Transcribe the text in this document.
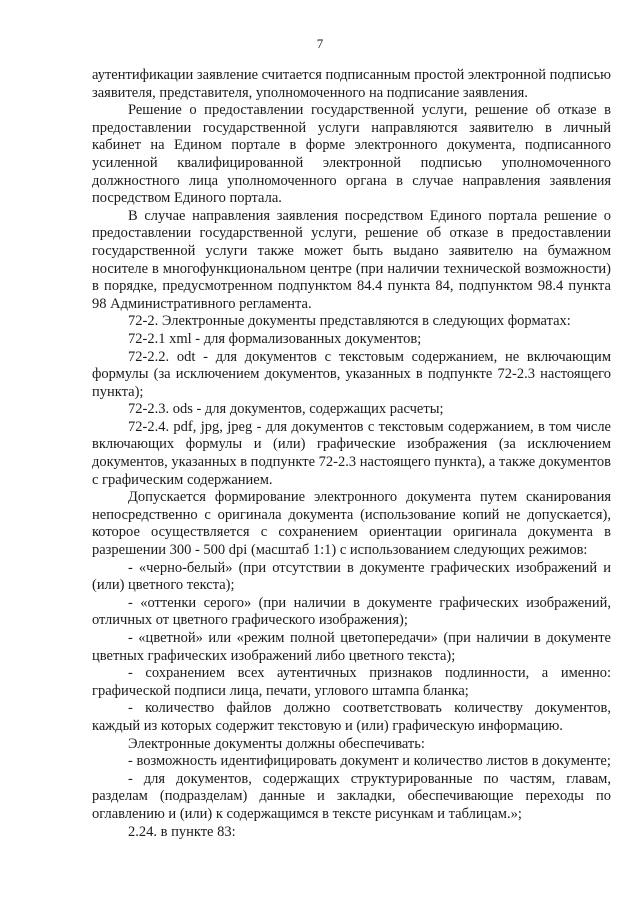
7

аутентификации заявление считается подписанным простой электронной подписью заявителя, представителя, уполномоченного на подписание заявления.

Решение о предоставлении государственной услуги, решение об отказе в предоставлении государственной услуги направляются заявителю в личный кабинет на Едином портале в форме электронного документа, подписанного усиленной квалифицированной электронной подписью уполномоченного должностного лица уполномоченного органа в случае направления заявления посредством Единого портала.

В случае направления заявления посредством Единого портала решение о предоставлении государственной услуги, решение об отказе в предоставлении государственной услуги также может быть выдано заявителю на бумажном носителе в многофункциональном центре (при наличии технической возможности) в порядке, предусмотренном подпунктом 84.4 пункта 84, подпунктом 98.4 пункта 98 Административного регламента.

72-2. Электронные документы представляются в следующих форматах:

72-2.1 xml - для формализованных документов;

72-2.2. odt - для документов с текстовым содержанием, не включающим формулы (за исключением документов, указанных в подпункте 72-2.3 настоящего пункта);

72-2.3. ods - для документов, содержащих расчеты;

72-2.4. pdf, jpg, jpeg - для документов с текстовым содержанием, в том числе включающих формулы и (или) графические изображения (за исключением документов, указанных в подпункте 72-2.3 настоящего пункта), а также документов с графическим содержанием.

Допускается формирование электронного документа путем сканирования непосредственно с оригинала документа (использование копий не допускается), которое осуществляется с сохранением ориентации оригинала документа в разрешении 300 - 500 dpi (масштаб 1:1) с использованием следующих режимов:

- «черно-белый» (при отсутствии в документе графических изображений и (или) цветного текста);

- «оттенки серого» (при наличии в документе графических изображений, отличных от цветного графического изображения);

- «цветной» или «режим полной цветопередачи» (при наличии в документе цветных графических изображений либо цветного текста);

- сохранением всех аутентичных признаков подлинности, а именно: графической подписи лица, печати, углового штампа бланка;

- количество файлов должно соответствовать количеству документов, каждый из которых содержит текстовую и (или) графическую информацию.

Электронные документы должны обеспечивать:

- возможность идентифицировать документ и количество листов в документе;

- для документов, содержащих структурированные по частям, главам, разделам (подразделам) данные и закладки, обеспечивающие переходы по оглавлению и (или) к содержащимся в тексте рисункам и таблицам.»;

2.24. в пункте 83:
